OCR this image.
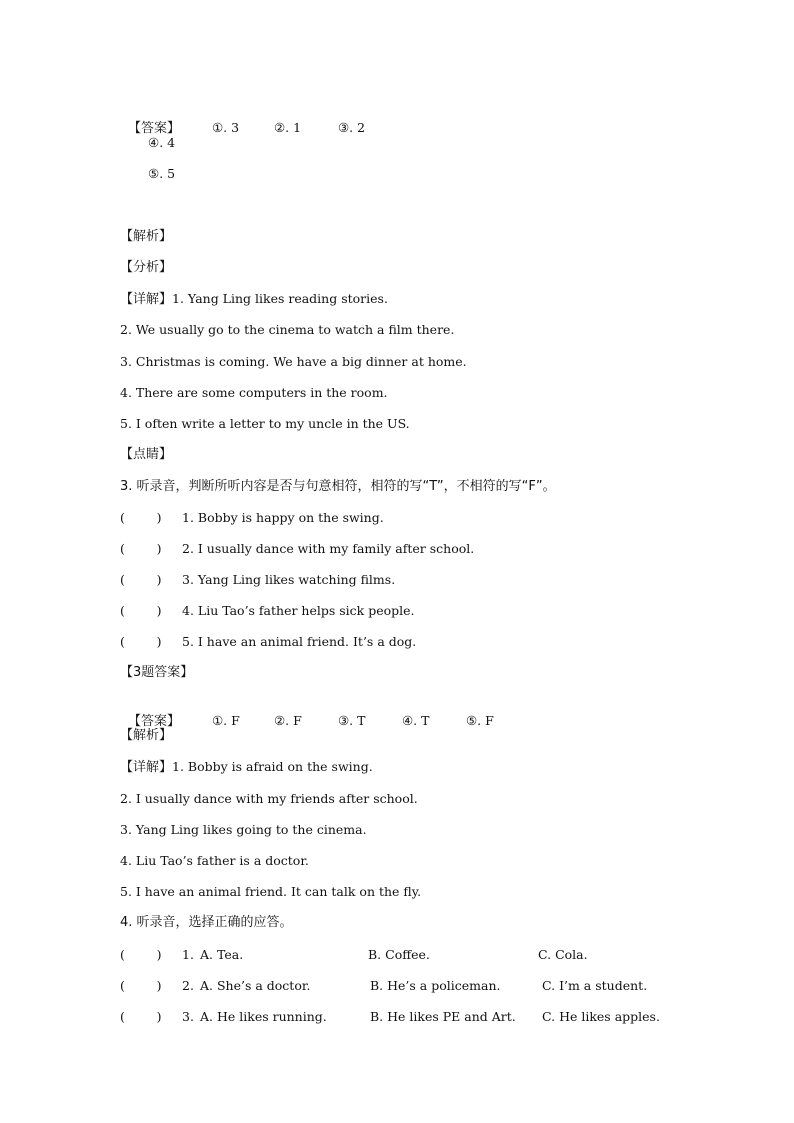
【答案】	①. 3	②. 1	③. 2

④. 4
⑤. 5
【解析】
【分析】
【详解】1. Yang Ling likes reading stories.
2. We usually go to the cinema to watch a film there.
3. Christmas is coming. We have a big dinner at home.
4. There are some computers in the room.
5. I often write a letter to my uncle in the US.
【点睛】
3. 听录音，判断所听内容是否与句意相符，相符的写“T”，不相符的写“F”。
(        ) 1. Bobby is happy on the swing.
(        ) 2. I usually dance with my family after school.
(        ) 3. Yang Ling likes watching films.
(        ) 4. Liu Tao’s father helps sick people.
(        ) 5. I have an animal friend. It’s a dog.
【3题答案】

【答案】	①. F	②. F	③. T	④. T	⑤. F

【解析】
【详解】1. Bobby is afraid on the swing.
2. I usually dance with my friends after school.
3. Yang Ling likes going to the cinema.
4. Liu Tao’s father is a doctor.
5. I have an animal friend. It can talk on the fly.
4. 听录音，选择正确的应答。
(        ) 1. A. Tea.	B. Coffee.	C. Cola.
(        ) 2. A. She’s a doctor.	B. He’s a policeman.	C. I’m a student.
(        ) 3. A. He likes running.	B. He likes PE and Art. C. He likes apples.
